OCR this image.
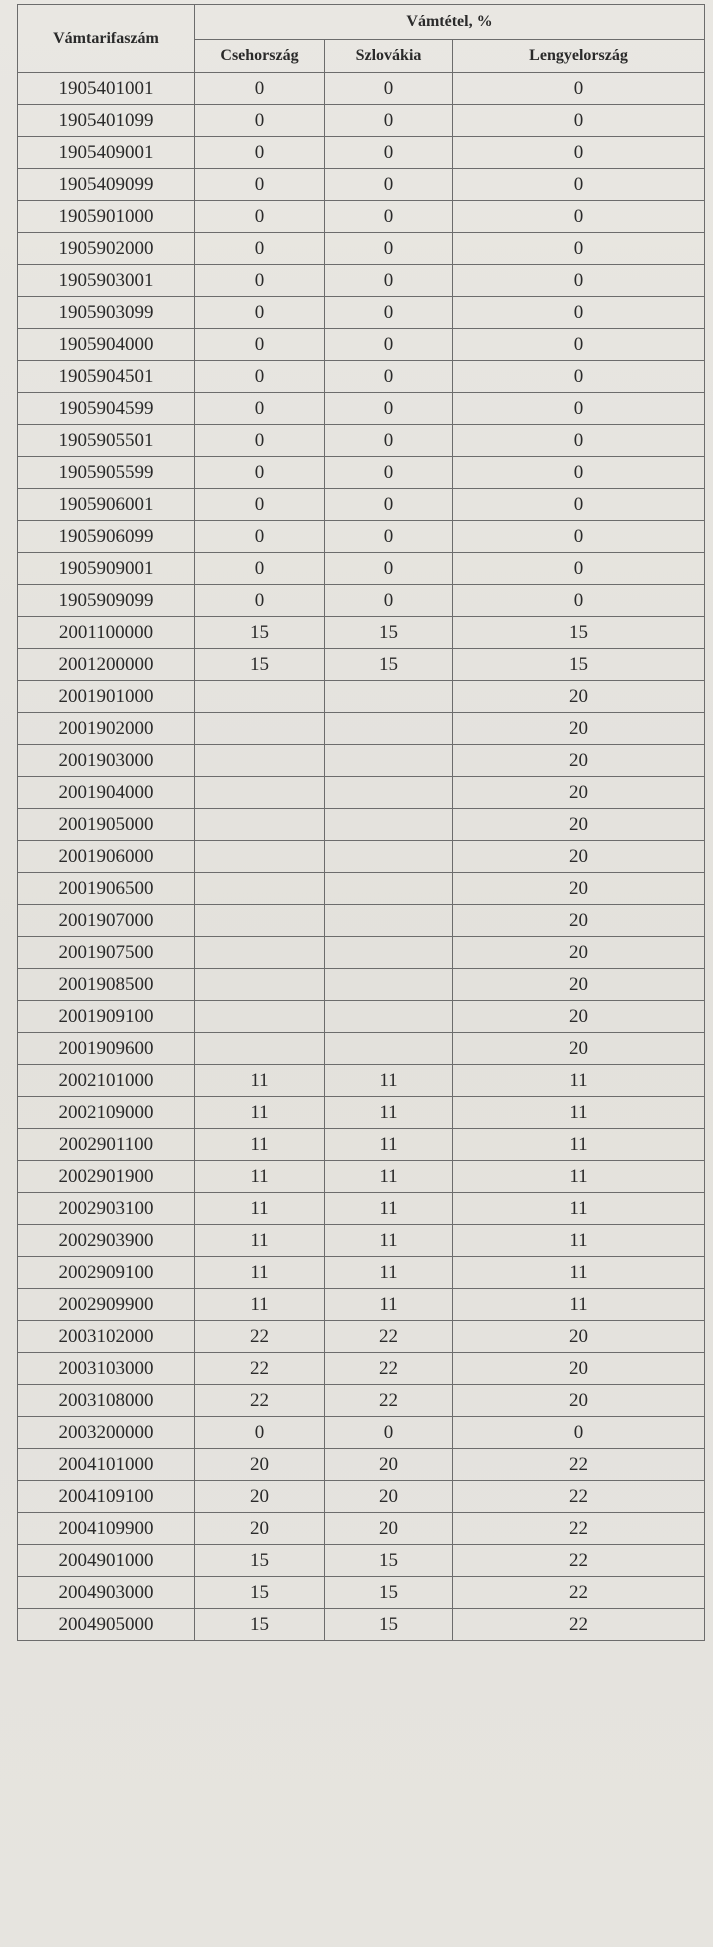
Vámtarifaszám	Vámtétel, %		
	Csehország	Szlovákia	Lengyelország
1905401001	0	0	0
1905401099	0	0	0
1905409001	0	0	0
1905409099	0	0	0
1905901000	0	0	0
1905902000	0	0	0
1905903001	0	0	0
1905903099	0	0	0
1905904000	0	0	0
1905904501	0	0	0
1905904599	0	0	0
1905905501	0	0	0
1905905599	0	0	0
1905906001	0	0	0
1905906099	0	0	0
1905909001	0	0	0
1905909099	0	0	0
2001100000	15	15	15
2001200000	15	15	15
2001901000			20
2001902000			20
2001903000			20
2001904000			20
2001905000			20
2001906000			20
2001906500			20
2001907000			20
2001907500			20
2001908500			20
2001909100			20
2001909600			20
2002101000	11	11	11
2002109000	11	11	11
2002901100	11	11	11
2002901900	11	11	11
2002903100	11	11	11
2002903900	11	11	11
2002909100	11	11	11
2002909900	11	11	11
2003102000	22	22	20
2003103000	22	22	20
2003108000	22	22	20
2003200000	0	0	0
2004101000	20	20	22
2004109100	20	20	22
2004109900	20	20	22
2004901000	15	15	22
2004903000	15	15	22
2004905000	15	15	22
